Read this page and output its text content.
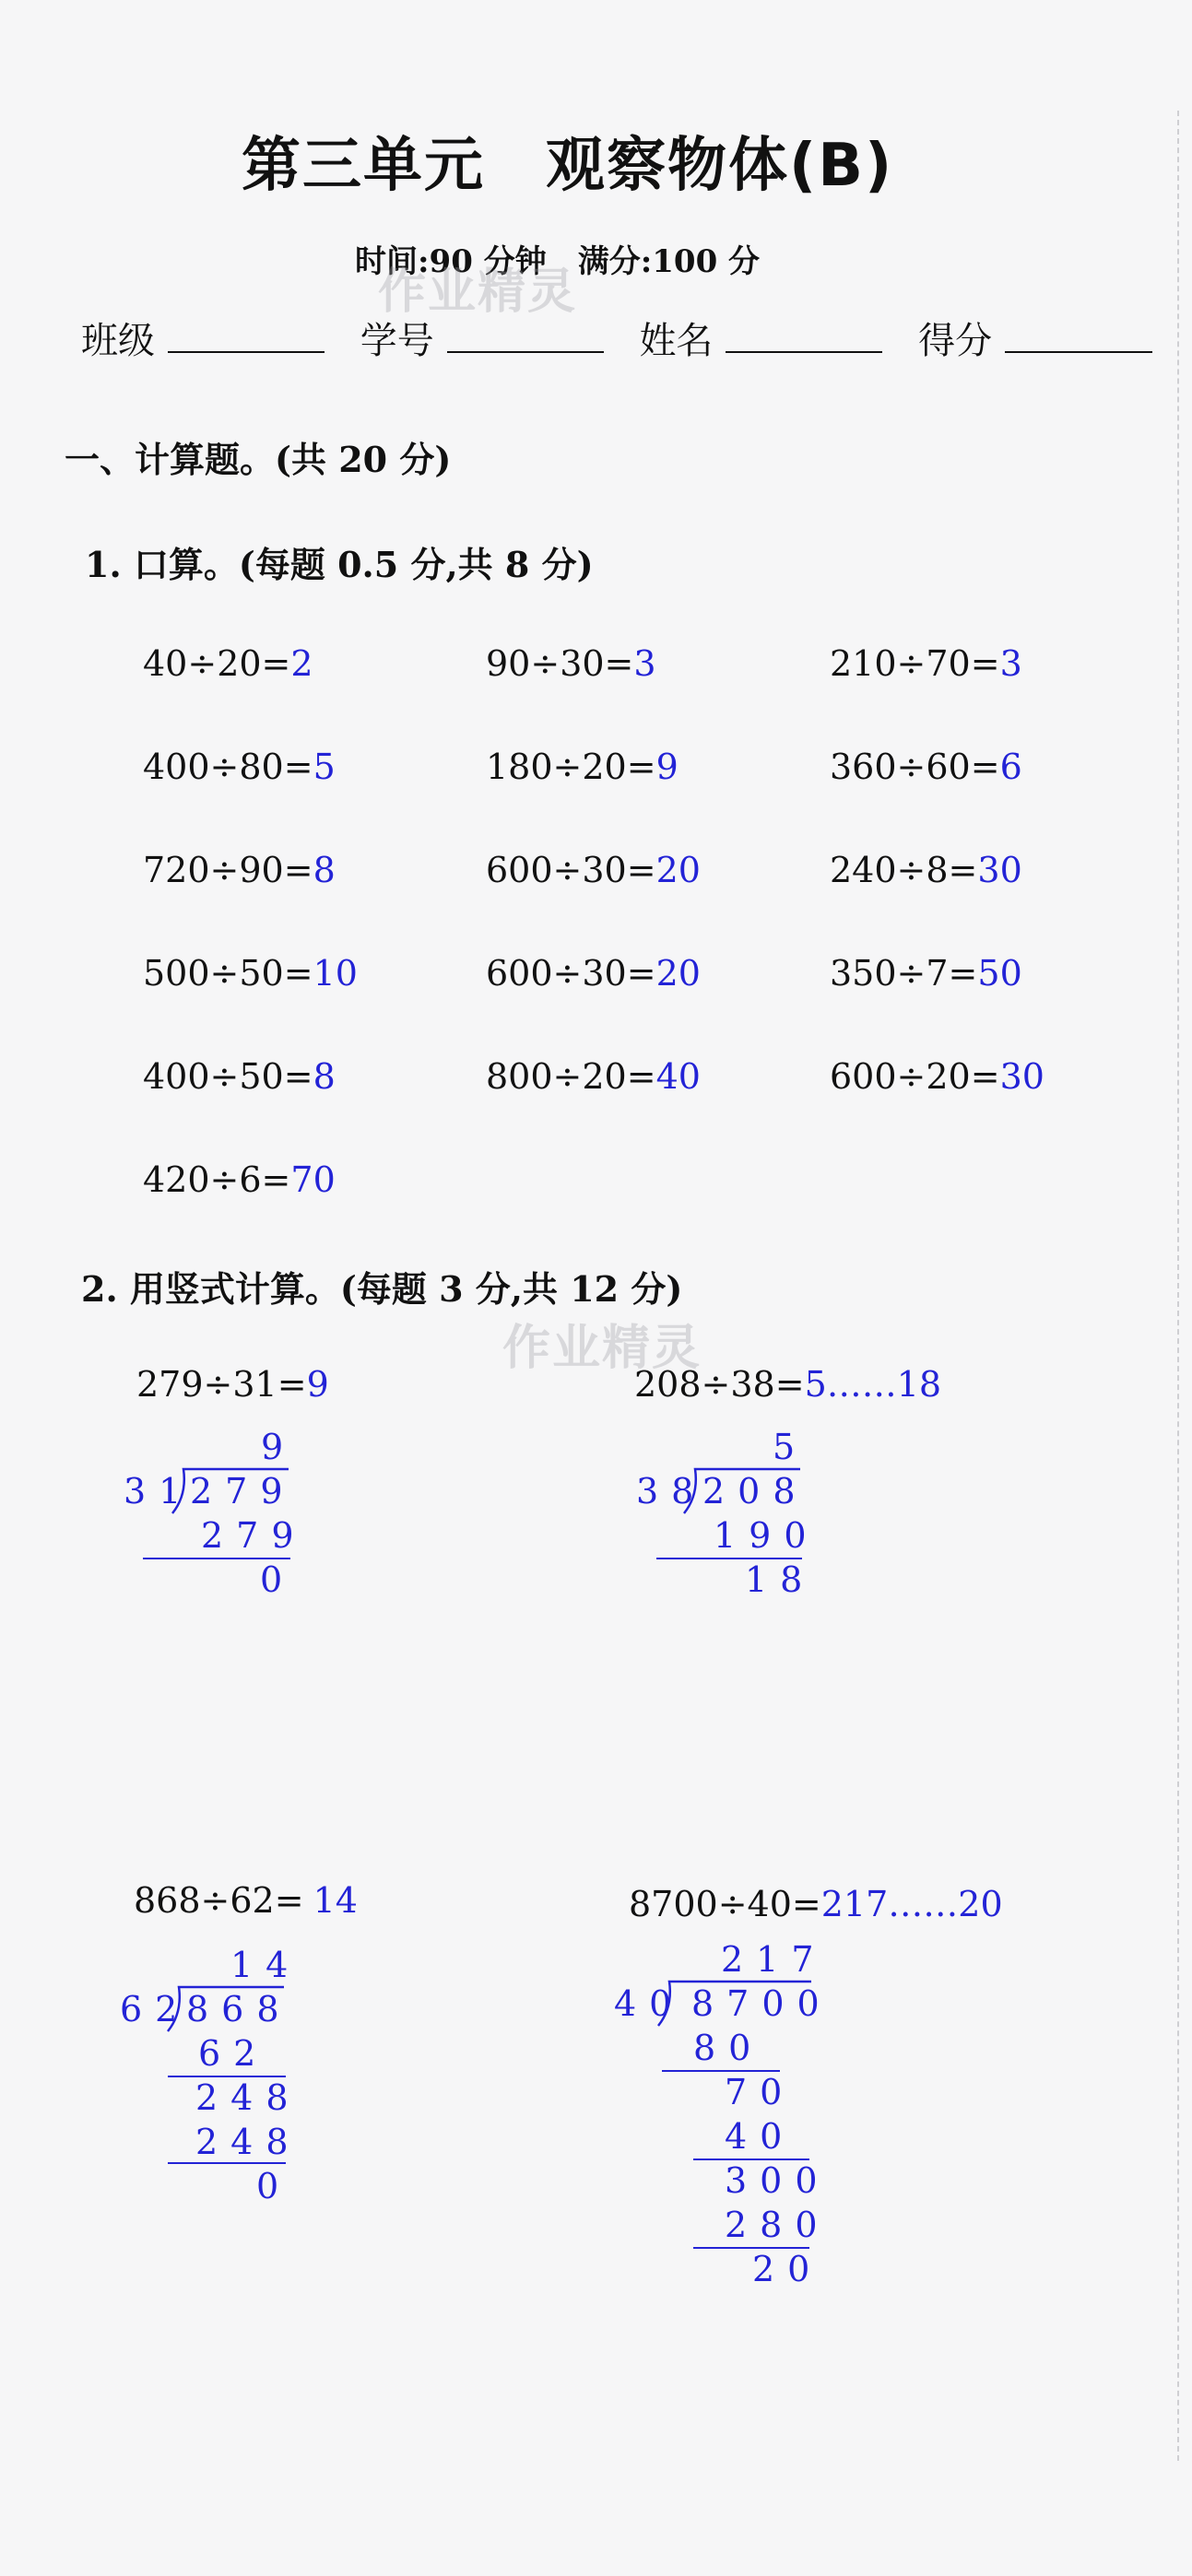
第三单元　观察物体(B)
时间:90 分钟　满分:100 分
班级	学号	姓名	得分
作业精灵
一、计算题。(共 20 分)
1. 口算。(每题 0.5 分,共 8 分)
40÷20=2	90÷30=3	210÷70=3
400÷80=5	180÷20=9	360÷60=6
720÷90=8	600÷30=20	240÷8=30
500÷50=10	600÷30=20	350÷7=50
400÷50=8	800÷20=40	600÷20=30
420÷6=70
2. 用竖式计算。(每题 3 分,共 12 分)
作业精灵
279÷31=9
9
31
279
279
0
208÷38=5……18
5
38
208
190
18
868÷62= 14
14
62
868
62
248
248
0
8700÷40=217……20
217
40 8700
80
70
40
300
280
20
